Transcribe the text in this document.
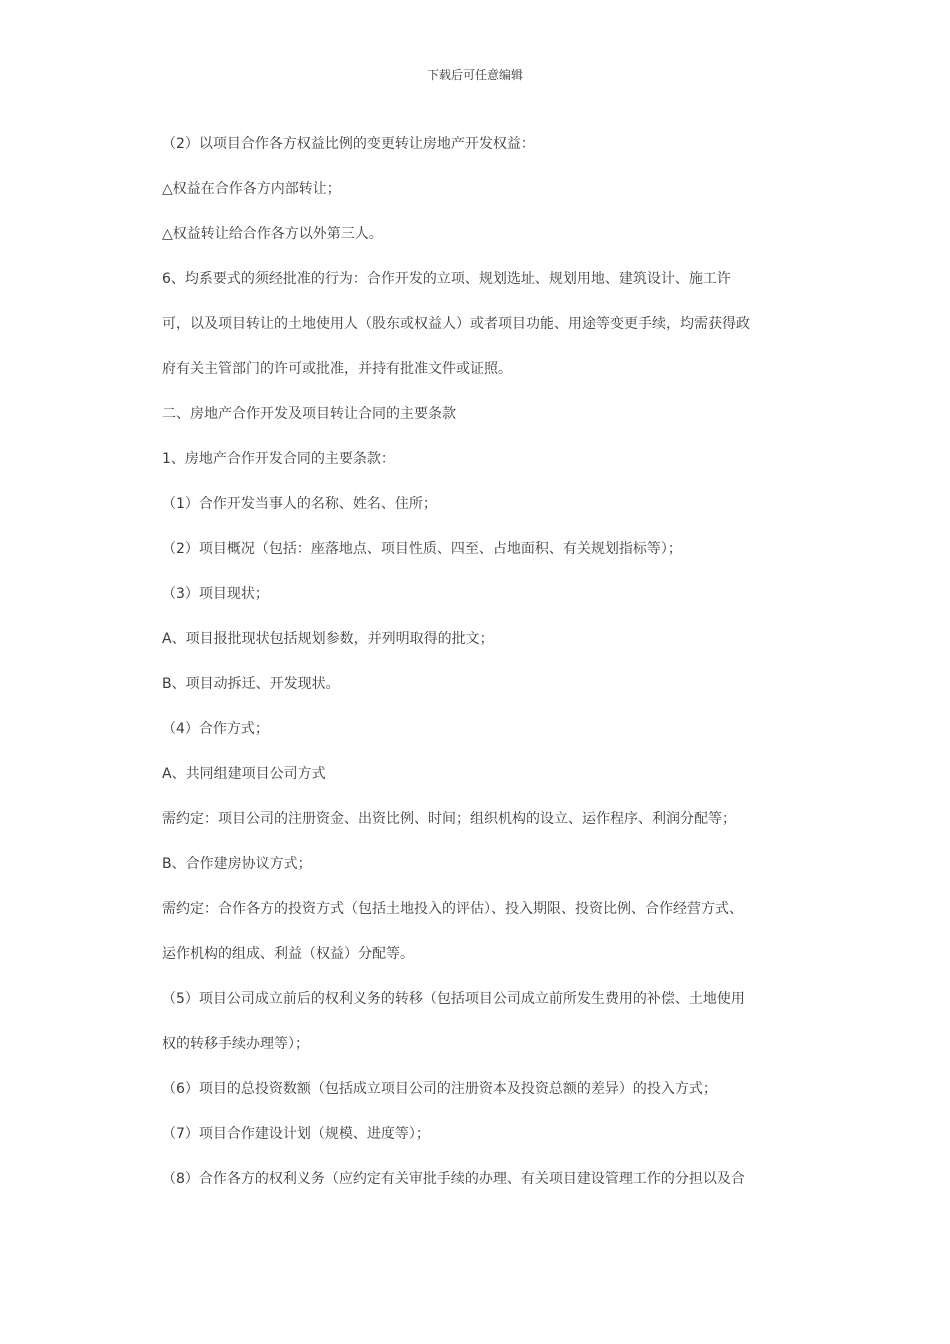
下载后可任意编辑
（2）以项目合作各方权益比例的变更转让房地产开发权益：
△权益在合作各方内部转让；
△权益转让给合作各方以外第三人。
6、均系要式的须经批准的行为：合作开发的立项、规划选址、规划用地、建筑设计、施工许
可，以及项目转让的土地使用人（股东或权益人）或者项目功能、用途等变更手续，均需获得政
府有关主管部门的许可或批准，并持有批准文件或证照。
二、房地产合作开发及项目转让合同的主要条款
1、房地产合作开发合同的主要条款：
（1）合作开发当事人的名称、姓名、住所；
（2）项目概况（包括：座落地点、项目性质、四至、占地面积、有关规划指标等）；
（3）项目现状；
A、项目报批现状包括规划参数，并列明取得的批文；
B、项目动拆迁、开发现状。
（4）合作方式；
A、共同组建项目公司方式
需约定：项目公司的注册资金、出资比例、时间；组织机构的设立、运作程序、利润分配等；
B、合作建房协议方式；
需约定：合作各方的投资方式（包括土地投入的评估）、投入期限、投资比例、合作经营方式、
运作机构的组成、利益（权益）分配等。
（5）项目公司成立前后的权利义务的转移（包括项目公司成立前所发生费用的补偿、土地使用
权的转移手续办理等）；
（6）项目的总投资数额（包括成立项目公司的注册资本及投资总额的差异）的投入方式；
（7）项目合作建设计划（规模、进度等）；
（8）合作各方的权利义务（应约定有关审批手续的办理、有关项目建设管理工作的分担以及合
